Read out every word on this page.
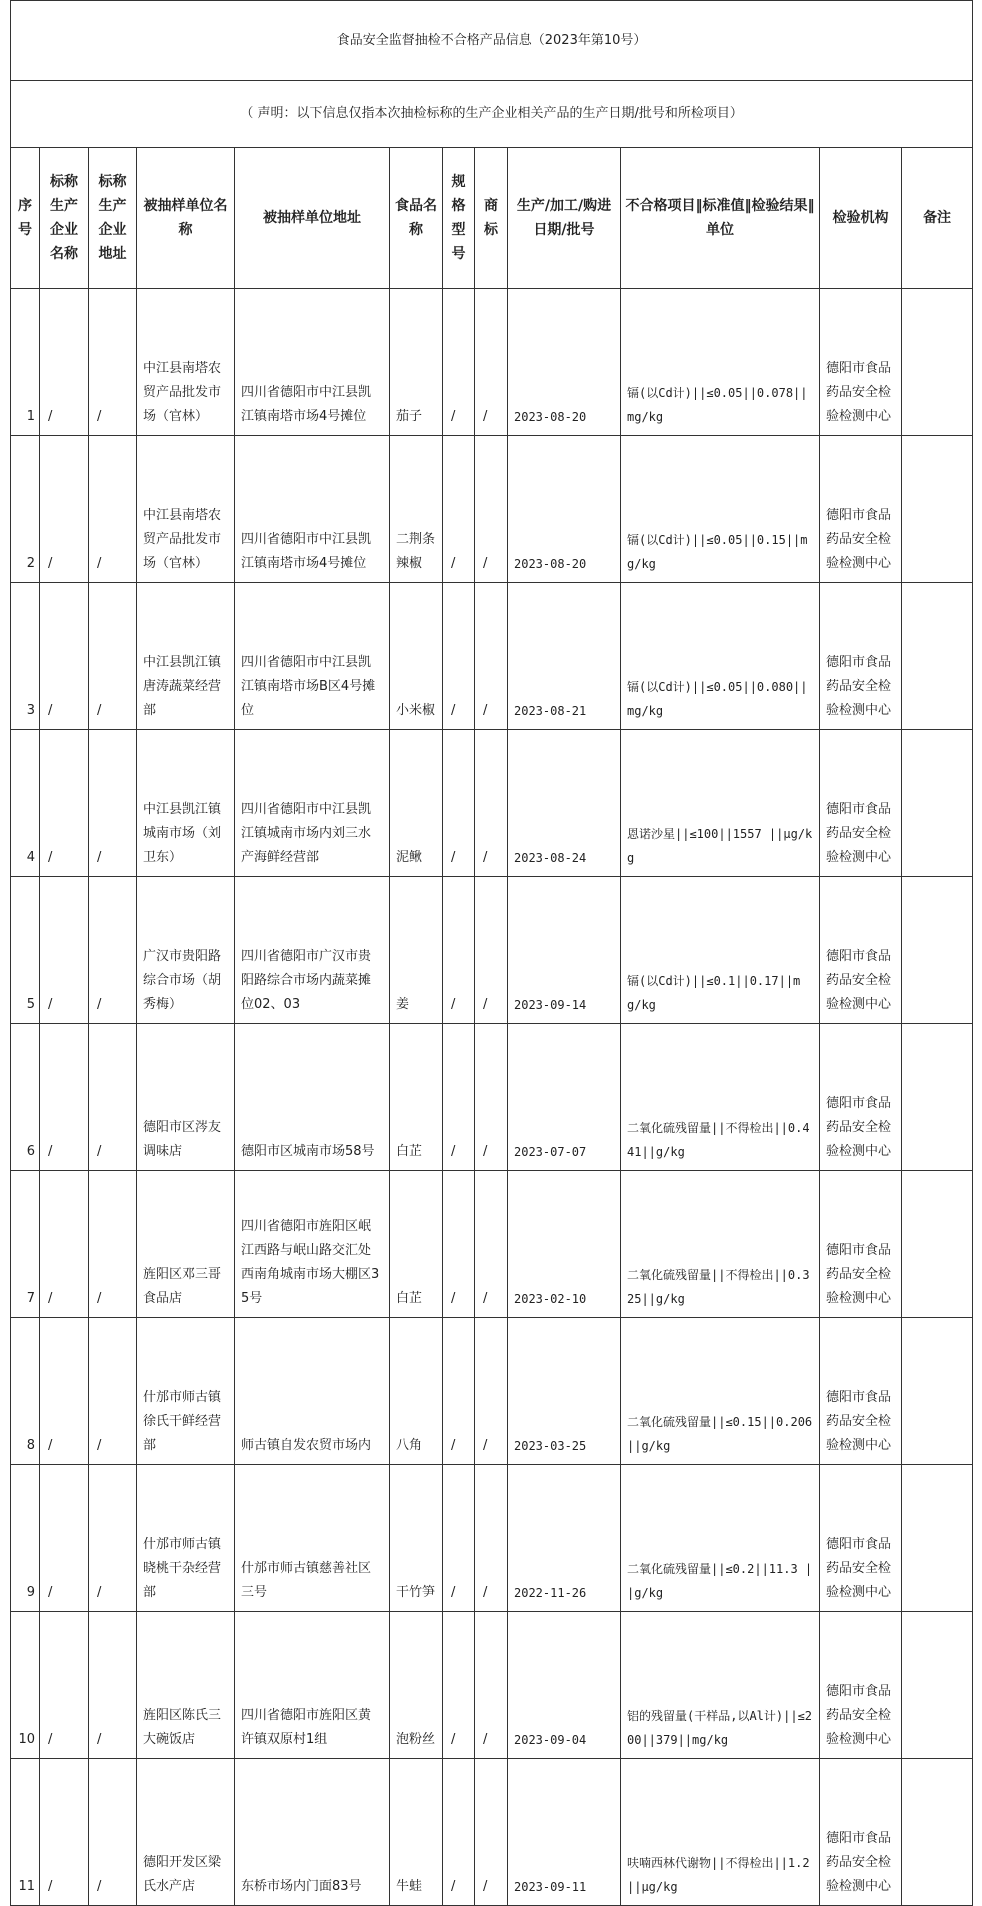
食品安全监督抽检不合格产品信息（2023年第10号）											
（ 声明：以下信息仅指本次抽检标称的生产企业相关产品的生产日期/批号和所检项目）											
序号	标称生产企业名称	标称生产企业地址	被抽样单位名称	被抽样单位地址	食品名称	规格型号	商标	生产/加工/购进日期/批号	不合格项目‖标准值‖检验结果‖单位	检验机构	备注
1	/	/	中江县南塔农贸产品批发市场（官林）	四川省德阳市中江县凯江镇南塔市场4号摊位	茄子	/	/	2023-08-20	镉(以Cd计)||≤0.05||0.078||mg/kg	德阳市食品药品安全检验检测中心	
2	/	/	中江县南塔农贸产品批发市场（官林）	四川省德阳市中江县凯江镇南塔市场4号摊位	二荆条辣椒	/	/	2023-08-20	镉(以Cd计)||≤0.05||0.15||mg/kg	德阳市食品药品安全检验检测中心	
3	/	/	中江县凯江镇唐涛蔬菜经营部	四川省德阳市中江县凯江镇南塔市场B区4号摊位	小米椒	/	/	2023-08-21	镉(以Cd计)||≤0.05||0.080||mg/kg	德阳市食品药品安全检验检测中心	
4	/	/	中江县凯江镇城南市场（刘卫东）	四川省德阳市中江县凯江镇城南市场内刘三水产海鲜经营部	泥鳅	/	/	2023-08-24	恩诺沙星||≤100||1557 ||μg/kg	德阳市食品药品安全检验检测中心	
5	/	/	广汉市贵阳路综合市场（胡秀梅）	四川省德阳市广汉市贵阳路综合市场内蔬菜摊位02、03	姜	/	/	2023-09-14	镉(以Cd计)||≤0.1||0.17||mg/kg	德阳市食品药品安全检验检测中心	
6	/	/	德阳市区涔友调味店	德阳市区城南市场58号	白芷	/	/	2023-07-07	二氧化硫残留量||不得检出||0.441||g/kg	德阳市食品药品安全检验检测中心	
7	/	/	旌阳区邓三哥食品店	四川省德阳市旌阳区岷江西路与岷山路交汇处西南角城南市场大棚区35号	白芷	/	/	2023-02-10	二氧化硫残留量||不得检出||0.325||g/kg	德阳市食品药品安全检验检测中心	
8	/	/	什邡市师古镇徐氏干鲜经营部	师古镇自发农贸市场内	八角	/	/	2023-03-25	二氧化硫残留量||≤0.15||0.206 ||g/kg	德阳市食品药品安全检验检测中心	
9	/	/	什邡市师古镇晓桃干杂经营部	什邡市师古镇慈善社区三号	干竹笋	/	/	2022-11-26	二氧化硫残留量||≤0.2||11.3 ||g/kg	德阳市食品药品安全检验检测中心	
10	/	/	旌阳区陈氏三大碗饭店	四川省德阳市旌阳区黄许镇双原村1组	泡粉丝	/	/	2023-09-04	铝的残留量(干样品,以Al计)||≤200||379||mg/kg	德阳市食品药品安全检验检测中心	
11	/	/	德阳开发区梁氏水产店	东桥市场内门面83号	牛蛙	/	/	2023-09-11	呋喃西林代谢物||不得检出||1.2||μg/kg	德阳市食品药品安全检验检测中心	
